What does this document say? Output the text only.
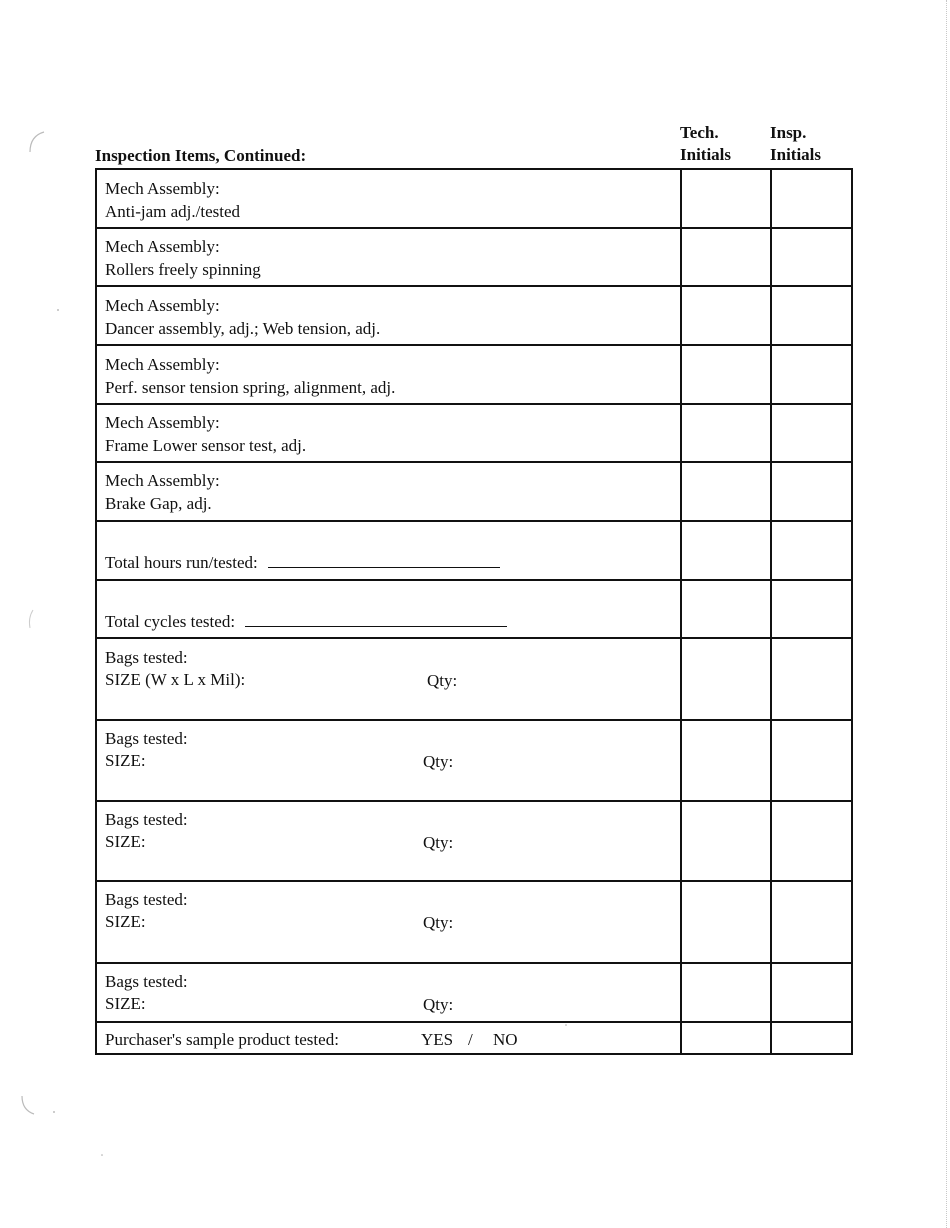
Inspection Items, Continued:
Tech.
Initials
Insp.
Initials
Mech Assembly:
Anti-jam adj./tested
Mech Assembly:
Rollers freely spinning
Mech Assembly:
Dancer assembly, adj.; Web tension, adj.
Mech Assembly:
Perf. sensor tension spring, alignment, adj.
Mech Assembly:
Frame Lower sensor test, adj.
Mech Assembly:
Brake Gap, adj.
Total hours run/tested:
Total cycles tested:
Bags tested:
SIZE (W x L x Mil):	Qty:
Bags tested:
SIZE:	Qty:
Bags tested:
SIZE:	Qty:
Bags tested:
SIZE:	Qty:
Bags tested:
SIZE:	Qty:
Purchaser's sample product tested:	YES / NO
